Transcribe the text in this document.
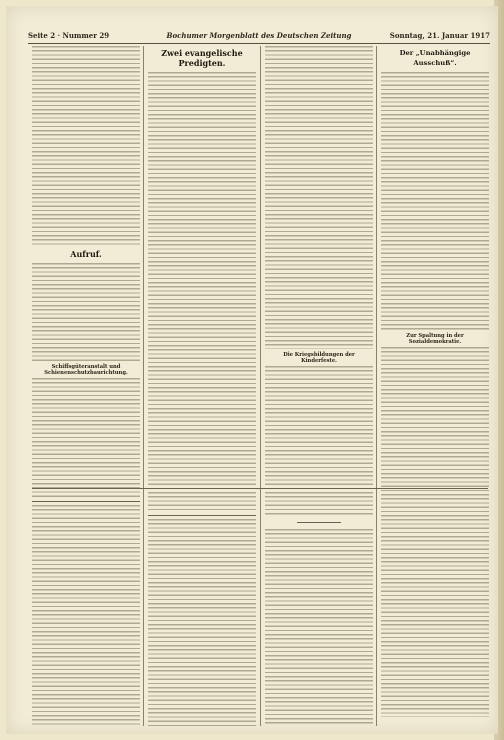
Seite 2 · Nummer 29	Bochumer Morgenblatt des Deutschen Zeitung	Sonntag, 21. Januar 1917
Aufruf.
Schiffsgüteranstalt und Schienenschutzbaurichtung.
Zwei evangelische Predigten.
Die Kriegsbildungen der Kinderfeste.
Der „Unabhängige Ausschuß“.
Zur Spaltung in der Sozialdemokratie.
